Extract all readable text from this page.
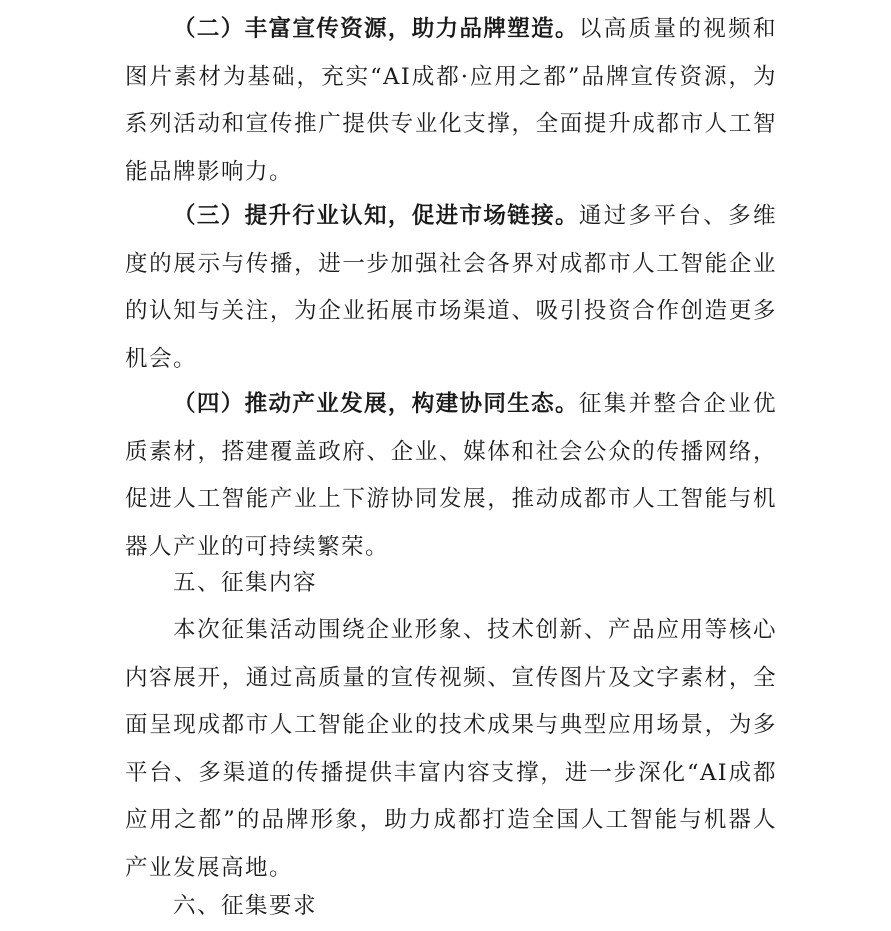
（二）丰富宣传资源，助力品牌塑造。以高质量的视频和图片素材为基础，充实“AI成都·应用之都”品牌宣传资源，为系列活动和宣传推广提供专业化支撑，全面提升成都市人工智能品牌影响力。

（三）提升行业认知，促进市场链接。通过多平台、多维度的展示与传播，进一步加强社会各界对成都市人工智能企业的认知与关注，为企业拓展市场渠道、吸引投资合作创造更多机会。

（四）推动产业发展，构建协同生态。征集并整合企业优质素材，搭建覆盖政府、企业、媒体和社会公众的传播网络，促进人工智能产业上下游协同发展，推动成都市人工智能与机器人产业的可持续繁荣。

五、征集内容

本次征集活动围绕企业形象、技术创新、产品应用等核心内容展开，通过高质量的宣传视频、宣传图片及文字素材，全面呈现成都市人工智能企业的技术成果与典型应用场景，为多平台、多渠道的传播提供丰富内容支撑，进一步深化“AI成都应用之都”的品牌形象，助力成都打造全国人工智能与机器人产业发展高地。

六、征集要求
